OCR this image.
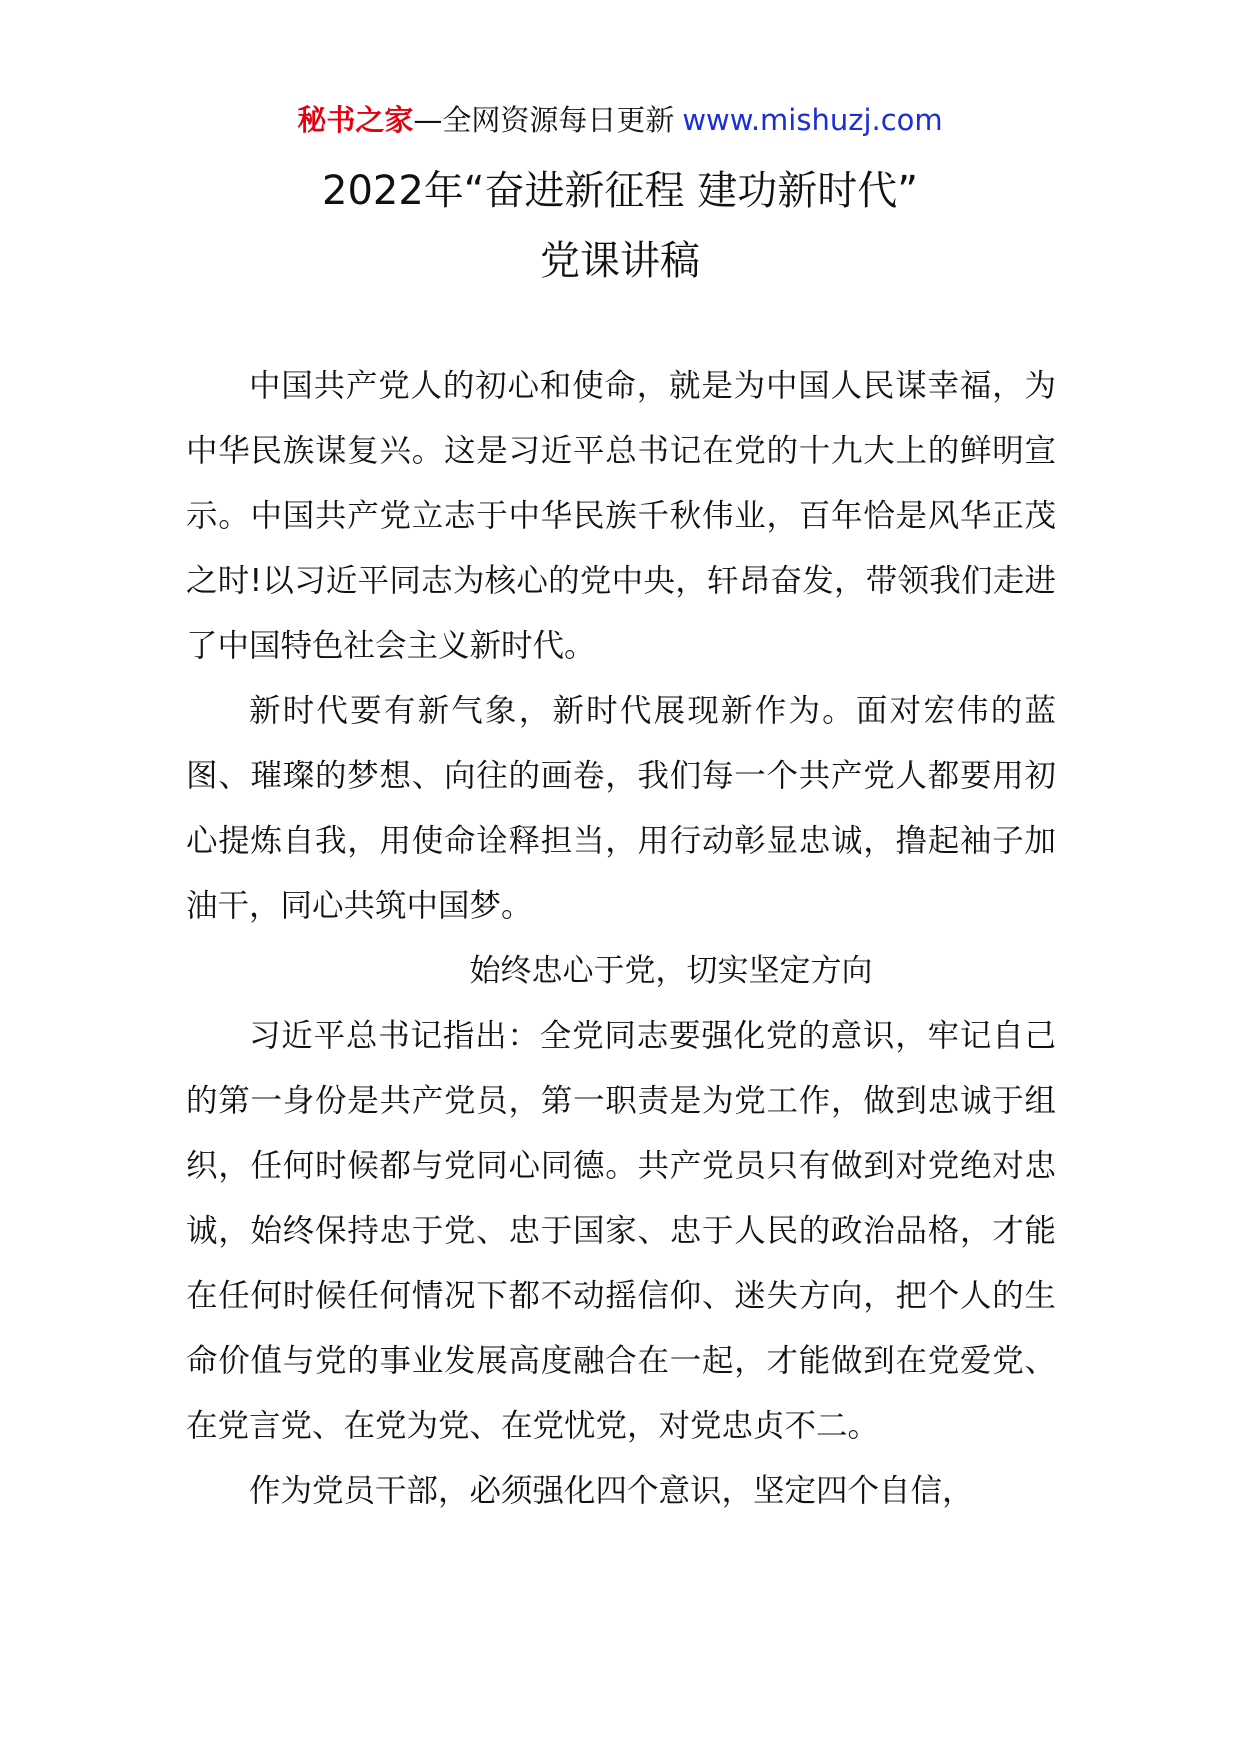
秘书之家—全网资源每日更新 www.mishuzj.com
2022年“奋进新征程 建功新时代”
党课讲稿

中国共产党人的初心和使命，就是为中国人民谋幸福，为中华民族谋复兴。这是习近平总书记在党的十九大上的鲜明宣示。中国共产党立志于中华民族千秋伟业，百年恰是风华正茂之时!以习近平同志为核心的党中央，轩昂奋发，带领我们走进了中国特色社会主义新时代。

新时代要有新气象，新时代展现新作为。面对宏伟的蓝图、璀璨的梦想、向往的画卷，我们每一个共产党人都要用初心提炼自我，用使命诠释担当，用行动彰显忠诚，撸起袖子加油干，同心共筑中国梦。

始终忠心于党，切实坚定方向

习近平总书记指出：全党同志要强化党的意识，牢记自己的第一身份是共产党员，第一职责是为党工作，做到忠诚于组织，任何时候都与党同心同德。共产党员只有做到对党绝对忠诚，始终保持忠于党、忠于国家、忠于人民的政治品格，才能在任何时候任何情况下都不动摇信仰、迷失方向，把个人的生命价值与党的事业发展高度融合在一起，才能做到在党爱党、在党言党、在党为党、在党忧党，对党忠贞不二。

作为党员干部，必须强化四个意识，坚定四个自信，
